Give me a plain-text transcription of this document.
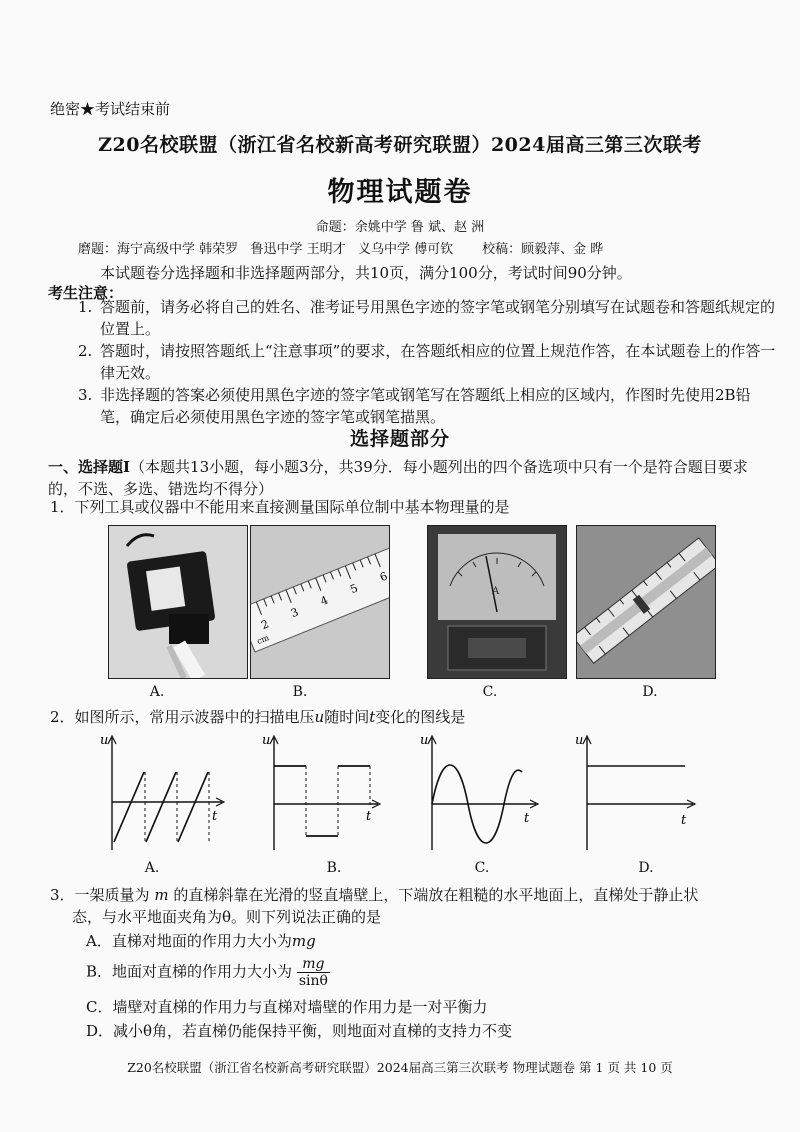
绝密★考试结束前
Z20名校联盟（浙江省名校新高考研究联盟）2024届高三第三次联考
物理试题卷
命题：余姚中学 鲁 斌、赵 洲
磨题：海宁高级中学 韩荣罗   鲁迅中学 王明才   义乌中学 傅可钦       校稿：顾毅萍、金 晔
本试题卷分选择题和非选择题两部分，共10页，满分100分，考试时间90分钟。
考生注意：
1. 答题前，请务必将自己的姓名、准考证号用黑色字迹的签字笔或钢笔分别填写在试题卷和答题纸规定的位置上。
2. 答题时，请按照答题纸上“注意事项”的要求，在答题纸相应的位置上规范作答，在本试题卷上的作答一律无效。
3. 非选择题的答案必须使用黑色字迹的签字笔或钢笔写在答题纸上相应的区域内，作图时先使用2B铅笔，确定后必须使用黑色字迹的签字笔或钢笔描黑。
选择题部分
一、选择题Ⅰ（本题共13小题，每小题3分，共39分．每小题列出的四个备选项中只有一个是符合题目要求的，不选、多选、错选均不得分）
1．下列工具或仪器中不能用来直接测量国际单位制中基本物理量的是
A.
2
3
4
5
6
cm
B.
A
C.	D.
2．如图所示，常用示波器中的扫描电压u随时间t变化的图线是
u
t
A.
u
t
B.
u
t
C.
u
t
D.
3．一架质量为 m 的直梯斜靠在光滑的竖直墙壁上，下端放在粗糙的水平地面上，直梯处于静止状
态，与水平地面夹角为θ。则下列说法正确的是
A．直梯对地面的作用力大小为mg
B．地面对直梯的作用力大小为 $\frac{mg}{\sin\theta}$
C．墙壁对直梯的作用力与直梯对墙壁的作用力是一对平衡力
D．减小θ角，若直梯仍能保持平衡，则地面对直梯的支持力不变
Z20名校联盟（浙江省名校新高考研究联盟）2024届高三第三次联考 物理试题卷 第 1 页 共 10 页
